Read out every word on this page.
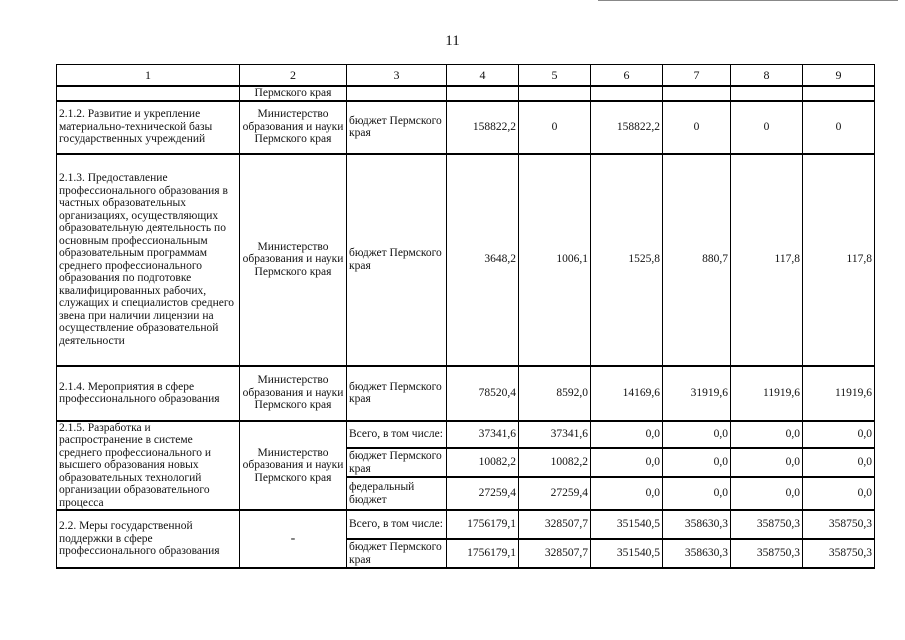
11
1	2	3	4	5	6	7	8	9
	Пермского края							
2.1.2. Развитие и укрепление материально-технической базы государственных учреждений	Министерство образования и науки Пермского края	бюджет Пермского края	158822,2	0	158822,2	0	0	0
2.1.3. Предоставление профессионального образования в частных образовательных организациях, осуществляющих образовательную деятельность по основным профессиональным образовательным программам среднего профессионального образования по подготовке квалифицированных рабочих, служащих и специалистов среднего звена при наличии лицензии на осуществление образовательной деятельности	Министерство образования и науки Пермского края	бюджет Пермского края	3648,2	1006,1	1525,8	880,7	117,8	117,8
2.1.4. Мероприятия в сфере профессионального образования	Министерство образования и науки Пермского края	бюджет Пермского края	78520,4	8592,0	14169,6	31919,6	11919,6	11919,6
2.1.5. Разработка и распространение в системе среднего профессионального и высшего образования новых образовательных технологий организации образовательного процесса	Министерство образования и науки Пермского края	Всего, в том числе:	37341,6	37341,6	0,0	0,0	0,0	0,0
		бюджет Пермского края	10082,2	10082,2	0,0	0,0	0,0	0,0
		федеральный бюджет	27259,4	27259,4	0,0	0,0	0,0	0,0
2.2. Меры государственной поддержки в сфере профессионального образования	-	Всего, в том числе:	1756179,1	328507,7	351540,5	358630,3	358750,3	358750,3
		бюджет Пермского края	1756179,1	328507,7	351540,5	358630,3	358750,3	358750,3
